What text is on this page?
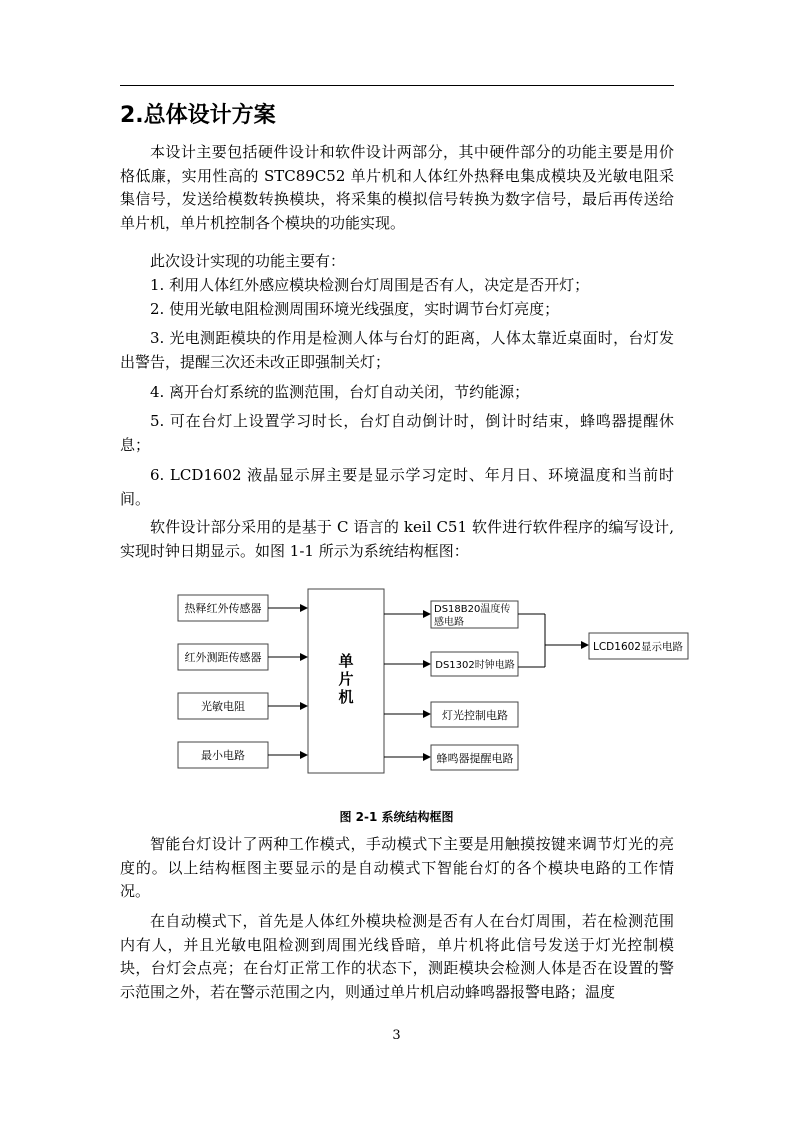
2.总体设计方案

本设计主要包括硬件设计和软件设计两部分，其中硬件部分的功能主要是用价格低廉，实用性高的 STC89C52 单片机和人体红外热释电集成模块及光敏电阻采集信号，发送给模数转换模块，将采集的模拟信号转换为数字信号，最后再传送给单片机，单片机控制各个模块的功能实现。

此次设计实现的功能主要有：

1. 利用人体红外感应模块检测台灯周围是否有人，决定是否开灯；

2. 使用光敏电阻检测周围环境光线强度，实时调节台灯亮度；

3. 光电测距模块的作用是检测人体与台灯的距离，人体太靠近桌面时，台灯发出警告，提醒三次还未改正即强制关灯；

4. 离开台灯系统的监测范围，台灯自动关闭，节约能源；

5. 可在台灯上设置学习时长，台灯自动倒计时，倒计时结束，蜂鸣器提醒休息；

6. LCD1602 液晶显示屏主要是显示学习定时、年月日、环境温度和当前时间。

软件设计部分采用的是基于 C 语言的 keil C51 软件进行软件程序的编写设计, 实现时钟日期显示。如图 1-1 所示为系统结构框图：

热释红外传感器
红外测距传感器
光敏电阻
最小电路
单
片
机
DS18B20温度传
感电路
DS1302时钟电路
灯光控制电路
蜂鸣器提醒电路
LCD1602显示电路
图 2-1 系统结构框图

智能台灯设计了两种工作模式，手动模式下主要是用触摸按键来调节灯光的亮度的。以上结构框图主要显示的是自动模式下智能台灯的各个模块电路的工作情况。

在自动模式下，首先是人体红外模块检测是否有人在台灯周围，若在检测范围内有人，并且光敏电阻检测到周围光线昏暗，单片机将此信号发送于灯光控制模块，台灯会点亮；在台灯正常工作的状态下，测距模块会检测人体是否在设置的警示范围之外，若在警示范围之内，则通过单片机启动蜂鸣器报警电路；温度

3
